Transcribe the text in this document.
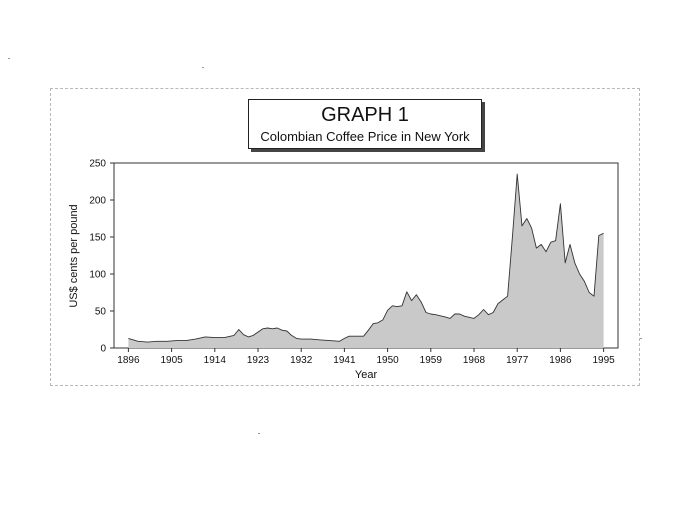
GRAPH 1
Colombian Coffee Price in New York
0
50
100
150
200
250
1896 1905 1914 1923 1932 1941 1950 1959 1968 1977 1986 1995
Year
US$ cents per pound
